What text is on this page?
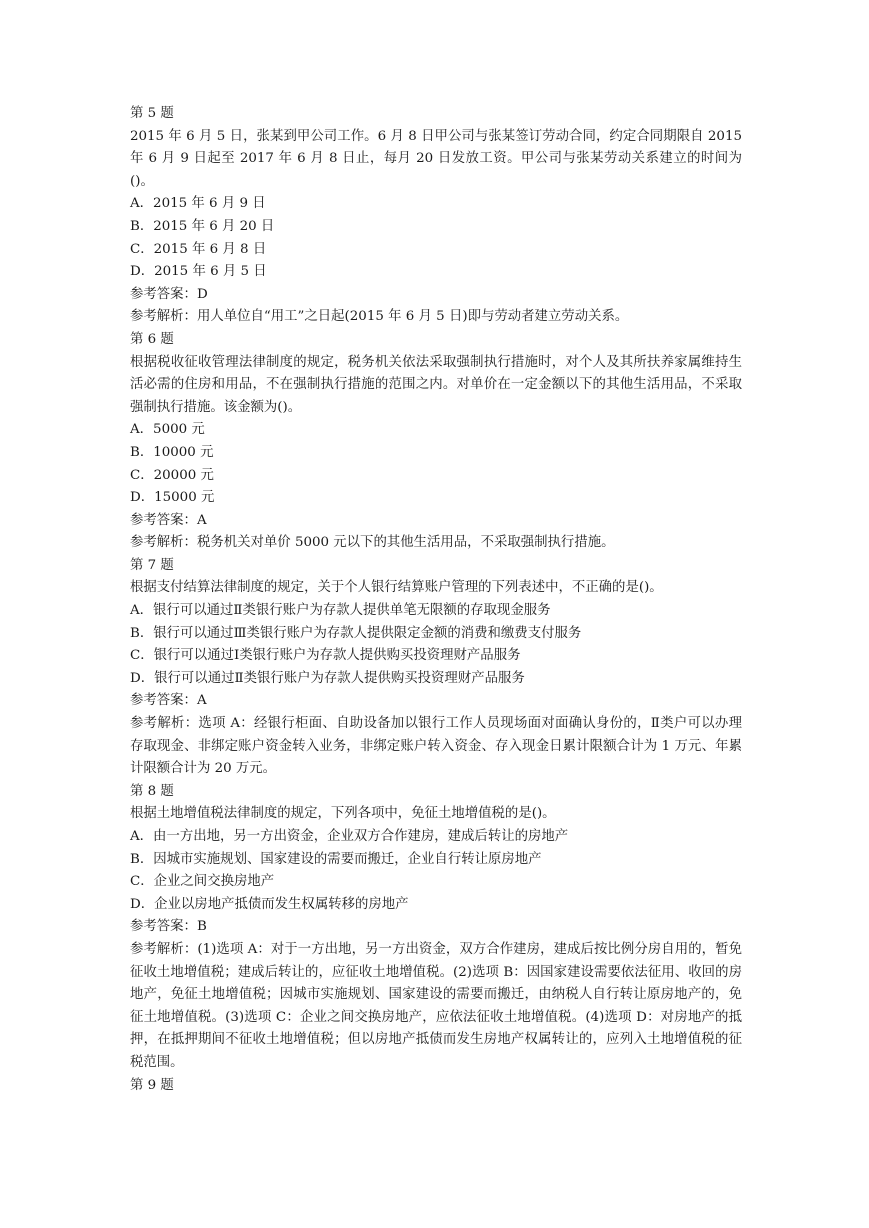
第 5 题

2015 年 6 月 5 日，张某到甲公司工作。6 月 8 日甲公司与张某签订劳动合同，约定合同期限自 2015 年 6 月 9 日起至 2017 年 6 月 8 日止，每月 20 日发放工资。甲公司与张某劳动关系建立的时间为()。

A．2015 年 6 月 9 日

B．2015 年 6 月 20 日

C．2015 年 6 月 8 日

D．2015 年 6 月 5 日

参考答案：D

参考解析：用人单位自“用工”之日起(2015 年 6 月 5 日)即与劳动者建立劳动关系。

第 6 题

根据税收征收管理法律制度的规定，税务机关依法采取强制执行措施时，对个人及其所扶养家属维持生活必需的住房和用品，不在强制执行措施的范围之内。对单价在一定金额以下的其他生活用品，不采取强制执行措施。该金额为()。

A．5000 元

B．10000 元

C．20000 元

D．15000 元

参考答案：A

参考解析：税务机关对单价 5000 元以下的其他生活用品，不采取强制执行措施。

第 7 题

根据支付结算法律制度的规定，关于个人银行结算账户管理的下列表述中，不正确的是()。

A．银行可以通过Ⅱ类银行账户为存款人提供单笔无限额的存取现金服务

B．银行可以通过Ⅲ类银行账户为存款人提供限定金额的消费和缴费支付服务

C．银行可以通过Ⅰ类银行账户为存款人提供购买投资理财产品服务

D．银行可以通过Ⅱ类银行账户为存款人提供购买投资理财产品服务

参考答案：A

参考解析：选项 A：经银行柜面、自助设备加以银行工作人员现场面对面确认身份的，Ⅱ类户可以办理存取现金、非绑定账户资金转入业务，非绑定账户转入资金、存入现金日累计限额合计为 1 万元、年累计限额合计为 20 万元。

第 8 题

根据土地增值税法律制度的规定，下列各项中，免征土地增值税的是()。

A．由一方出地，另一方出资金，企业双方合作建房，建成后转让的房地产

B．因城市实施规划、国家建设的需要而搬迁，企业自行转让原房地产

C．企业之间交换房地产

D．企业以房地产抵债而发生权属转移的房地产

参考答案：B

参考解析：(1)选项 A：对于一方出地，另一方出资金，双方合作建房，建成后按比例分房自用的，暂免征收土地增值税；建成后转让的，应征收土地增值税。(2)选项 B：因国家建设需要依法征用、收回的房地产，免征土地增值税；因城市实施规划、国家建设的需要而搬迁，由纳税人自行转让原房地产的，免征土地增值税。(3)选项 C：企业之间交换房地产，应依法征收土地增值税。(4)选项 D：对房地产的抵押，在抵押期间不征收土地增值税；但以房地产抵债而发生房地产权属转让的，应列入土地增值税的征税范围。

第 9 题
